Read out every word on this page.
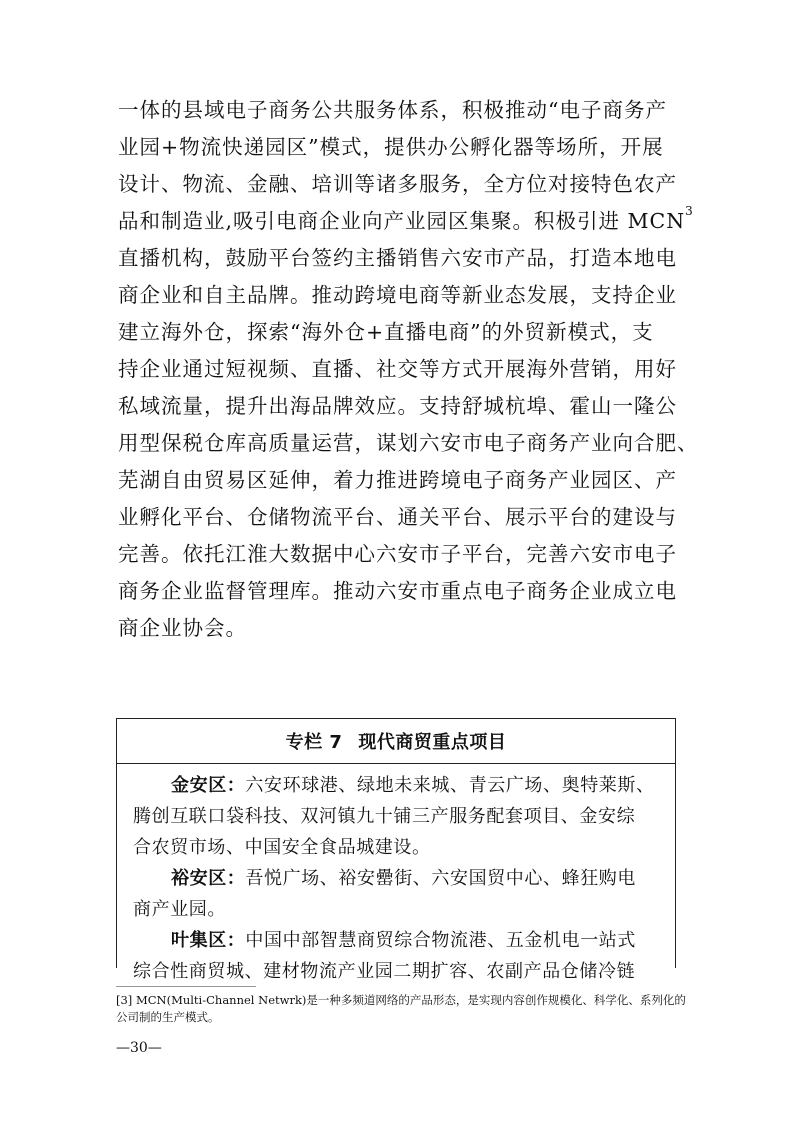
一体的县域电子商务公共服务体系，积极推动“电子商务产
业园+物流快递园区”模式，提供办公孵化器等场所，开展
设计、物流、金融、培训等诸多服务，全方位对接特色农产
品和制造业,吸引电商企业向产业园区集聚。积极引进 MCN$^3$
直播机构，鼓励平台签约主播销售六安市产品，打造本地电
商企业和自主品牌。推动跨境电商等新业态发展，支持企业
建立海外仓，探索“海外仓+直播电商”的外贸新模式，支
持企业通过短视频、直播、社交等方式开展海外营销，用好
私域流量，提升出海品牌效应。支持舒城杭埠、霍山一隆公
用型保税仓库高质量运营，谋划六安市电子商务产业向合肥、
芜湖自由贸易区延伸，着力推进跨境电子商务产业园区、产
业孵化平台、仓储物流平台、通关平台、展示平台的建设与
完善。依托江淮大数据中心六安市子平台，完善六安市电子
商务企业监督管理库。推动六安市重点电子商务企业成立电
商企业协会。
专栏 7 现代商贸重点项目
金安区：六安环球港、绿地未来城、青云广场、奥特莱斯、
腾创互联口袋科技、双河镇九十铺三产服务配套项目、金安综
合农贸市场、中国安全食品城建设。
裕安区：吾悦广场、裕安罍街、六安国贸中心、蜂狂购电
商产业园。
叶集区：中国中部智慧商贸综合物流港、五金机电一站式
综合性商贸城、建材物流产业园二期扩容、农副产品仓储冷链
[3] MCN(Multi-Channel Netwrk)是一种多频道网络的产品形态，是实现内容创作规模化、科学化、系列化的
公司制的生产模式。
—30—
